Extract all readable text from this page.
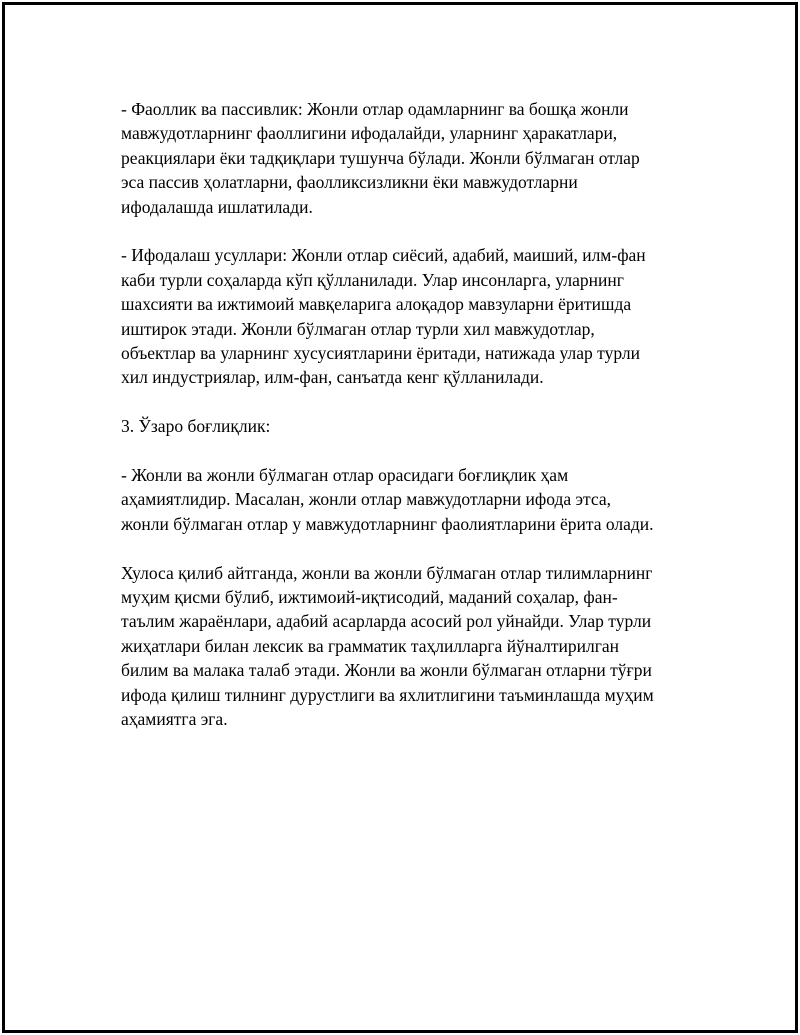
- Фаоллик ва пассивлик: Жонли отлар одамларнинг ва бошқа жонли
мавжудотларнинг фаоллигини ифодалайди, уларнинг ҳаракатлари,
реакциялари ёки тадқиқлари тушунча бўлади. Жонли бўлмаган отлар
эса пассив ҳолатларни, фаолликсизликни ёки мавжудотларни
ифодалашда ишлатилади.

- Ифодалаш усуллари: Жонли отлар сиёсий, адабий, маиший, илм-фан
каби турли соҳаларда кўп қўлланилади. Улар инсонларга, уларнинг
шахсияти ва ижтимоий мавқеларига алоқадор мавзуларни ёритишда
иштирок этади. Жонли бўлмаган отлар турли хил мавжудотлар,
объектлар ва уларнинг хусусиятларини ёритади, натижада улар турли
хил индустриялар, илм-фан, санъатда кенг қўлланилади.

3. Ўзаро боғлиқлик:

- Жонли ва жонли бўлмаган отлар орасидаги боғлиқлик ҳам
аҳамиятлидир. Масалан, жонли отлар мавжудотларни ифода этса,
жонли бўлмаган отлар у мавжудотларнинг фаолиятларини ёрита олади.

Хулоса қилиб айтганда, жонли ва жонли бўлмаган отлар тилимларнинг
муҳим қисми бўлиб, ижтимоий-иқтисодий, маданий соҳалар, фан-
таълим жараёнлари, адабий асарларда асосий рол уйнайди. Улар турли
жиҳатлари билан лексик ва грамматик таҳлилларга йўналтирилган
билим ва малака талаб этади. Жонли ва жонли бўлмаган отларни тўғри
ифода қилиш тилнинг дурустлиги ва яхлитлигини таъминлашда муҳим
аҳамиятга эга.
